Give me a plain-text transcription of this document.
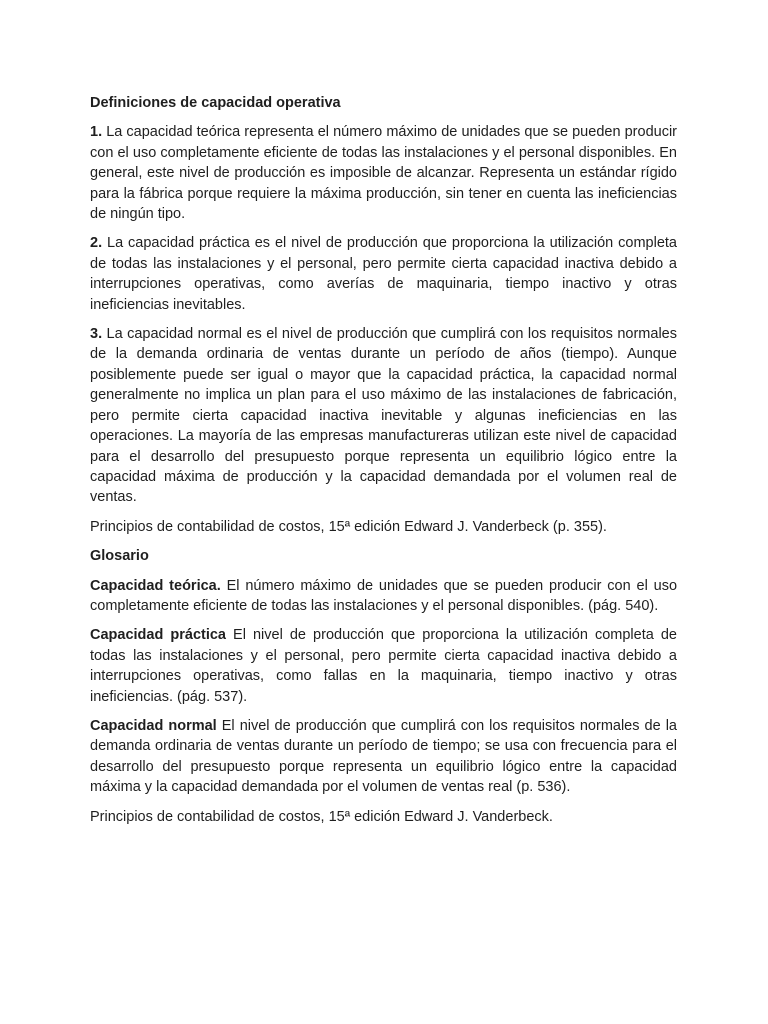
Definiciones de capacidad operativa

1. La capacidad teórica representa el número máximo de unidades que se pueden producir con el uso completamente eficiente de todas las instalaciones y el personal disponibles. En general, este nivel de producción es imposible de alcanzar. Representa un estándar rígido para la fábrica porque requiere la máxima producción, sin tener en cuenta las ineficiencias de ningún tipo.

2. La capacidad práctica es el nivel de producción que proporciona la utilización completa de todas las instalaciones y el personal, pero permite cierta capacidad inactiva debido a interrupciones operativas, como averías de maquinaria, tiempo inactivo y otras ineficiencias inevitables.

3. La capacidad normal es el nivel de producción que cumplirá con los requisitos normales de la demanda ordinaria de ventas durante un período de años (tiempo). Aunque posiblemente puede ser igual o mayor que la capacidad práctica, la capacidad normal generalmente no implica un plan para el uso máximo de las instalaciones de fabricación, pero permite cierta capacidad inactiva inevitable y algunas ineficiencias en las operaciones. La mayoría de las empresas manufactureras utilizan este nivel de capacidad para el desarrollo del presupuesto porque representa un equilibrio lógico entre la capacidad máxima de producción y la capacidad demandada por el volumen real de ventas.

Principios de contabilidad de costos, 15ª edición Edward J. Vanderbeck (p. 355).

Glosario

Capacidad teórica. El número máximo de unidades que se pueden producir con el uso completamente eficiente de todas las instalaciones y el personal disponibles. (pág. 540).

Capacidad práctica El nivel de producción que proporciona la utilización completa de todas las instalaciones y el personal, pero permite cierta capacidad inactiva debido a interrupciones operativas, como fallas en la maquinaria, tiempo inactivo y otras ineficiencias. (pág. 537).

Capacidad normal El nivel de producción que cumplirá con los requisitos normales de la demanda ordinaria de ventas durante un período de tiempo; se usa con frecuencia para el desarrollo del presupuesto porque representa un equilibrio lógico entre la capacidad máxima y la capacidad demandada por el volumen de ventas real (p. 536).

Principios de contabilidad de costos, 15ª edición Edward J. Vanderbeck.
